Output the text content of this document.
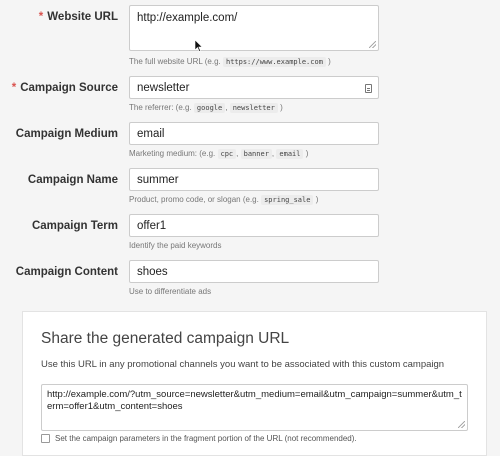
* Website URL http://example.com/
The full website URL (e.g. https://www.example.com )
* Campaign Source newsletter
The referrer: (e.g. google , newsletter )
Campaign Medium email
Marketing medium: (e.g. cpc , banner , email )
Campaign Name summer
Product, promo code, or slogan (e.g. spring_sale )
Campaign Term offer1
Identify the paid keywords
Campaign Content shoes
Use to differentiate ads
Share the generated campaign URL
Use this URL in any promotional channels you want to be associated with this custom campaign
http://example.com/?utm_source=newsletter&utm_medium=email&utm_campaign=summer&utm_term=offer1&utm_content=shoes
Set the campaign parameters in the fragment portion of the URL (not recommended).
